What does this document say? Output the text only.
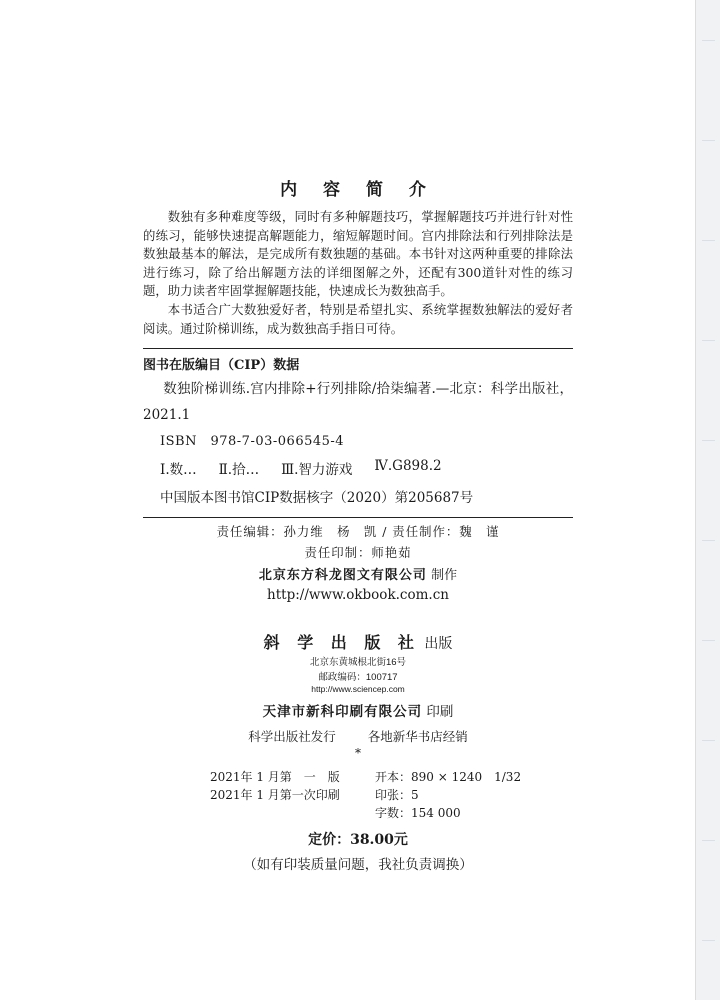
内 容 简 介

数独有多种难度等级，同时有多种解题技巧，掌握解题技巧并进行针对性的练习，能够快速提高解题能力，缩短解题时间。宫内排除法和行列排除法是数独最基本的解法，是完成所有数独题的基础。本书针对这两种重要的排除法进行练习，除了给出解题方法的详细图解之外，还配有300道针对性的练习题，助力读者牢固掌握解题技能，快速成长为数独高手。

本书适合广大数独爱好者，特别是希望扎实、系统掌握数独解法的爱好者阅读。通过阶梯训练，成为数独高手指日可待。

图书在版编目（CIP）数据
数独阶梯训练.宫内排除+行列排除/拾柒编著.—北京：科学出版社，2021.1
ISBN　978-7-03-066545-4
Ⅰ.数… Ⅱ.拾… Ⅲ.智力游戏 Ⅳ.G898.2
中国版本图书馆CIP数据核字（2020）第205687号
责任编辑：孙力维　杨　凯 / 责任制作：魏　谨
责任印制：师艳茹
北京东方科龙图文有限公司 制作
http://www.okbook.com.cn
斜 学 出 版 社 出版
北京东黄城根北街16号
邮政编码：100717
http://www.sciencep.com
天津市新科印刷有限公司 印刷
科学出版社发行	各地新华书店经销
*
2021年 1 月第　一　版	开本：890 × 1240　1/32
2021年 1 月第一次印刷	印张：5
字数：154 000
定价：38.00元
（如有印装质量问题，我社负责调换）
